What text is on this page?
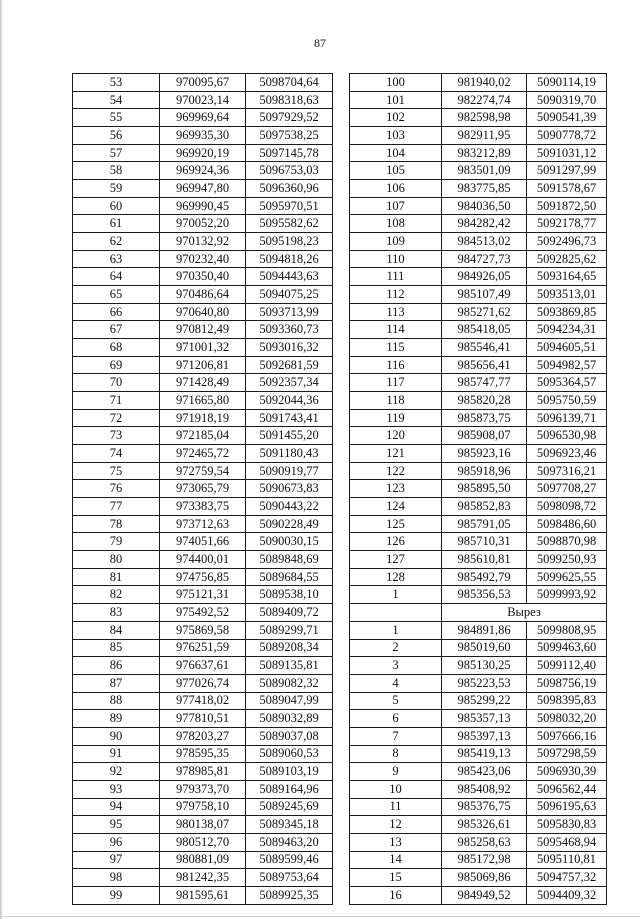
87
53	970095,67	5098704,64
54	970023,14	5098318,63
55	969969,64	5097929,52
56	969935,30	5097538,25
57	969920,19	5097145,78
58	969924,36	5096753,03
59	969947,80	5096360,96
60	969990,45	5095970,51
61	970052,20	5095582,62
62	970132,92	5095198,23
63	970232,40	5094818,26
64	970350,40	5094443,63
65	970486,64	5094075,25
66	970640,80	5093713,99
67	970812,49	5093360,73
68	971001,32	5093016,32
69	971206,81	5092681,59
70	971428,49	5092357,34
71	971665,80	5092044,36
72	971918,19	5091743,41
73	972185,04	5091455,20
74	972465,72	5091180,43
75	972759,54	5090919,77
76	973065,79	5090673,83
77	973383,75	5090443,22
78	973712,63	5090228,49
79	974051,66	5090030,15
80	974400,01	5089848,69
81	974756,85	5089684,55
82	975121,31	5089538,10
83	975492,52	5089409,72
84	975869,58	5089299,71
85	976251,59	5089208,34
86	976637,61	5089135,81
87	977026,74	5089082,32
88	977418,02	5089047,99
89	977810,51	5089032,89
90	978203,27	5089037,08
91	978595,35	5089060,53
92	978985,81	5089103,19
93	979373,70	5089164,96
94	979758,10	5089245,69
95	980138,07	5089345,18
96	980512,70	5089463,20
97	980881,09	5089599,46
98	981242,35	5089753,64
99	981595,61	5089925,35
100	981940,02	5090114,19
101	982274,74	5090319,70
102	982598,98	5090541,39
103	982911,95	5090778,72
104	983212,89	5091031,12
105	983501,09	5091297,99
106	983775,85	5091578,67
107	984036,50	5091872,50
108	984282,42	5092178,77
109	984513,02	5092496,73
110	984727,73	5092825,62
111	984926,05	5093164,65
112	985107,49	5093513,01
113	985271,62	5093869,85
114	985418,05	5094234,31
115	985546,41	5094605,51
116	985656,41	5094982,57
117	985747,77	5095364,57
118	985820,28	5095750,59
119	985873,75	5096139,71
120	985908,07	5096530,98
121	985923,16	5096923,46
122	985918,96	5097316,21
123	985895,50	5097708,27
124	985852,83	5098098,72
125	985791,05	5098486,60
126	985710,31	5098870,98
127	985610,81	5099250,93
128	985492,79	5099625,55
1	985356,53	5099993,92
	Вырез	
1	984891,86	5099808,95
2	985019,60	5099463,60
3	985130,25	5099112,40
4	985223,53	5098756,19
5	985299,22	5098395,83
6	985357,13	5098032,20
7	985397,13	5097666,16
8	985419,13	5097298,59
9	985423,06	5096930,39
10	985408,92	5096562,44
11	985376,75	5096195,63
12	985326,61	5095830,83
13	985258,63	5095468,94
14	985172,98	5095110,81
15	985069,86	5094757,32
16	984949,52	5094409,32
